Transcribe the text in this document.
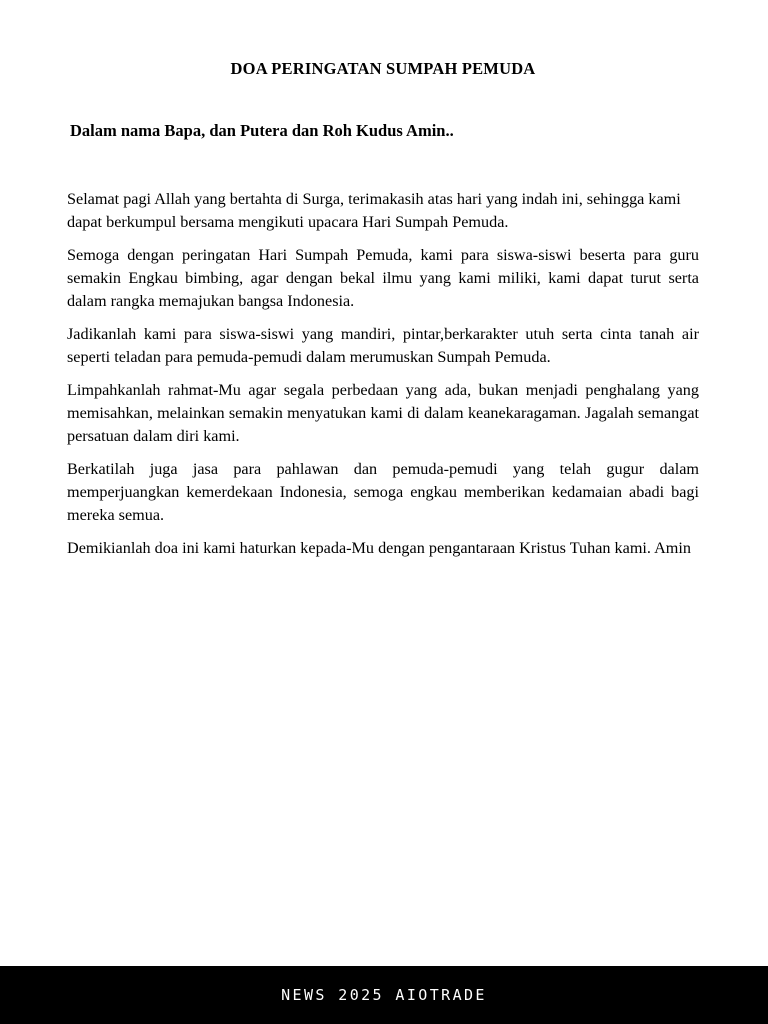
DOA PERINGATAN SUMPAH PEMUDA

Dalam nama Bapa, dan Putera dan Roh Kudus Amin..

Selamat pagi Allah yang bertahta di Surga, terimakasih atas hari yang indah ini, sehingga kami dapat berkumpul bersama mengikuti upacara Hari Sumpah Pemuda.

Semoga dengan peringatan Hari Sumpah Pemuda, kami para siswa-siswi beserta para guru semakin Engkau bimbing, agar dengan bekal ilmu yang kami miliki, kami dapat turut serta  dalam rangka memajukan bangsa Indonesia.

Jadikanlah kami para siswa-siswi yang mandiri, pintar,berkarakter utuh serta cinta tanah air  seperti teladan para pemuda-pemudi dalam merumuskan Sumpah Pemuda.

Limpahkanlah rahmat-Mu agar segala perbedaan yang ada, bukan menjadi penghalang yang memisahkan, melainkan semakin menyatukan kami di dalam keanekaragaman. Jagalah semangat persatuan dalam diri kami.

Berkatilah juga jasa para pahlawan dan pemuda-pemudi yang telah gugur dalam memperjuangkan kemerdekaan Indonesia, semoga engkau memberikan kedamaian abadi bagi mereka semua.

Demikianlah doa ini kami haturkan kepada-Mu dengan pengantaraan Kristus Tuhan kami. Amin

NEWS 2025 AIOTRADE
